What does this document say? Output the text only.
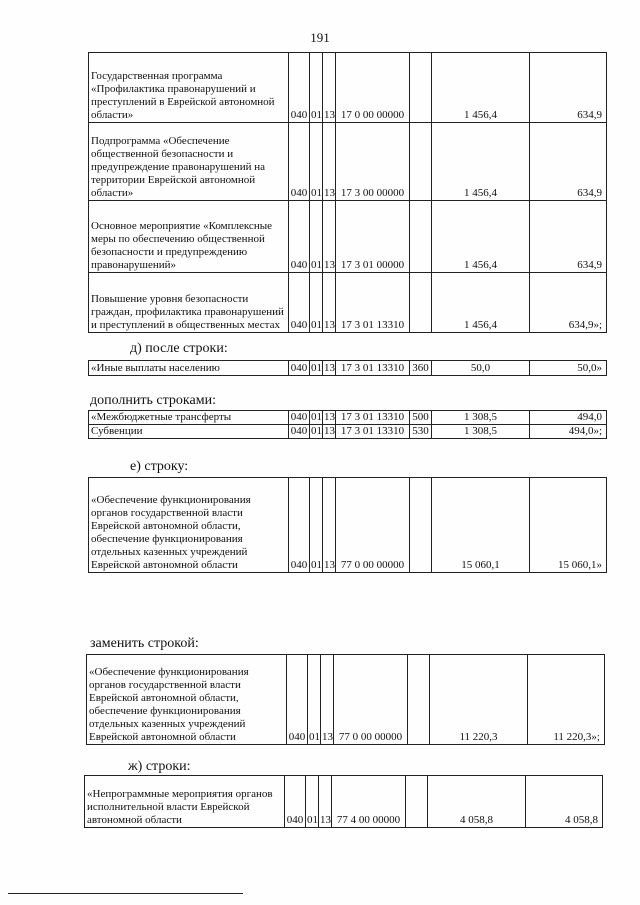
191
Государственная программа «Профилактика правонарушений и преступлений в Еврейской автономной области»	040	01	13	17 0 00 00000		1 456,4	634,9
Подпрограмма «Обеспечение общественной безопасности и предупреждение правонарушений на территории Еврейской автономной области»	040	01	13	17 3 00 00000		1 456,4	634,9
Основное мероприятие «Комплексные меры по обеспечению общественной безопасности и предупреждению правонарушений»	040	01	13	17 3 01 00000		1 456,4	634,9
Повышение уровня безопасности граждан, профилактика правонарушений и преступлений в общественных местах	040	01	13	17 3 01 13310		1 456,4	634,9»;
д) после строки:
«Иные выплаты населению	040	01	13	17 3 01 13310	360	50,0	50,0»
дополнить строками:
«Межбюджетные трансферты	040	01	13	17 3 01 13310	500	1 308,5	494,0
Субвенции	040	01	13	17 3 01 13310	530	1 308,5	494,0»;
е) строку:
«Обеспечение функционирования органов государственной власти Еврейской автономной области, обеспечение функционирования отдельных казенных учреждений Еврейской автономной области	040	01	13	77 0 00 00000		15 060,1	15 060,1»
заменить строкой:
«Обеспечение функционирования органов государственной власти Еврейской автономной области, обеспечение функционирования отдельных казенных учреждений Еврейской автономной области	040	01	13	77 0 00 00000		11 220,3	11 220,3»;
ж) строки:
«Непрограммные мероприятия органов исполнительной власти Еврейской автономной области	040	01	13	77 4 00 00000		4 058,8	4 058,8
